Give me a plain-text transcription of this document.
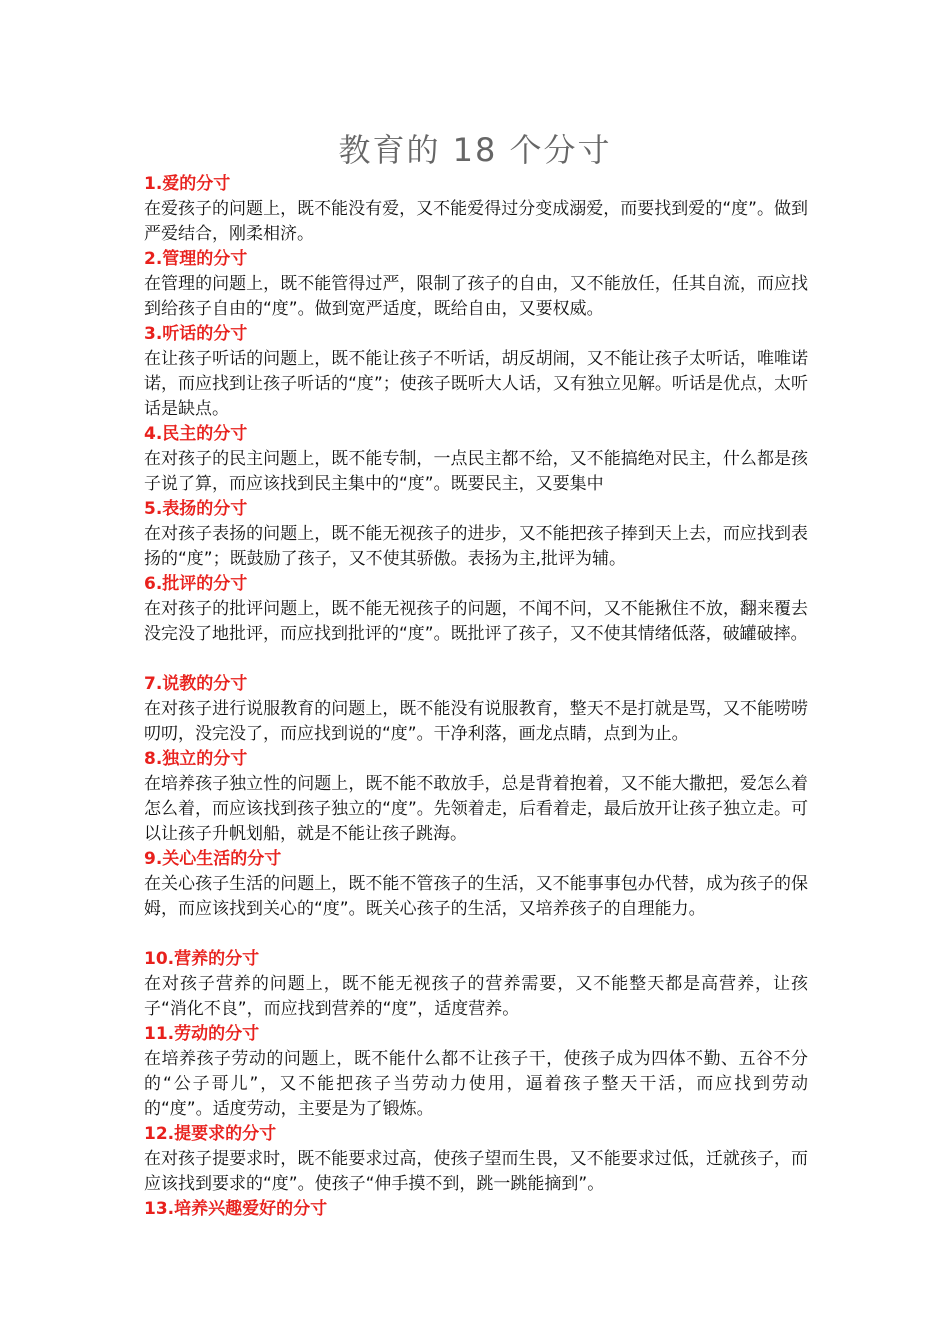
教育的 18 个分寸
1.爱的分寸
在爱孩子的问题上，既不能没有爱，又不能爱得过分变成溺爱，而要找到爱的“度”。做到严爱结合，刚柔相济。
2.管理的分寸
在管理的问题上，既不能管得过严，限制了孩子的自由，又不能放任，任其自流，而应找到给孩子自由的“度”。做到宽严适度，既给自由，又要权威。
3.听话的分寸
在让孩子听话的问题上，既不能让孩子不听话，胡反胡闹，又不能让孩子太听话，唯唯诺诺，而应找到让孩子听话的“度”；使孩子既听大人话，又有独立见解。听话是优点，太听话是缺点。
4.民主的分寸
在对孩子的民主问题上，既不能专制，一点民主都不给，又不能搞绝对民主，什么都是孩子说了算，而应该找到民主集中的“度”。既要民主，又要集中
5.表扬的分寸
在对孩子表扬的问题上，既不能无视孩子的进步，又不能把孩子捧到天上去，而应找到表扬的“度”；既鼓励了孩子，又不使其骄傲。表扬为主,批评为辅。
6.批评的分寸
在对孩子的批评问题上，既不能无视孩子的问题，不闻不问，又不能揪住不放，翻来覆去没完没了地批评，而应找到批评的“度”。既批评了孩子，又不使其情绪低落，破罐破摔。
7.说教的分寸
在对孩子进行说服教育的问题上，既不能没有说服教育，整天不是打就是骂，又不能唠唠叨叨，没完没了，而应找到说的“度”。干净利落，画龙点睛，点到为止。
8.独立的分寸
在培养孩子独立性的问题上，既不能不敢放手，总是背着抱着，又不能大撒把，爱怎么着怎么着，而应该找到孩子独立的“度”。先领着走，后看着走，最后放开让孩子独立走。可以让孩子升帆划船，就是不能让孩子跳海。
9.关心生活的分寸
在关心孩子生活的问题上，既不能不管孩子的生活，又不能事事包办代替，成为孩子的保姆，而应该找到关心的“度”。既关心孩子的生活，又培养孩子的自理能力。
10.营养的分寸
在对孩子营养的问题上，既不能无视孩子的营养需要，又不能整天都是高营养，让孩子“消化不良”，而应找到营养的“度”，适度营养。
11.劳动的分寸
在培养孩子劳动的问题上，既不能什么都不让孩子干，使孩子成为四体不勤、五谷不分的“公子哥儿”，又不能把孩子当劳动力使用，逼着孩子整天干活，而应找到劳动的“度”。适度劳动，主要是为了锻炼。
12.提要求的分寸
在对孩子提要求时，既不能要求过高，使孩子望而生畏，又不能要求过低，迁就孩子，而应该找到要求的“度”。使孩子“伸手摸不到，跳一跳能摘到”。
13.培养兴趣爱好的分寸
